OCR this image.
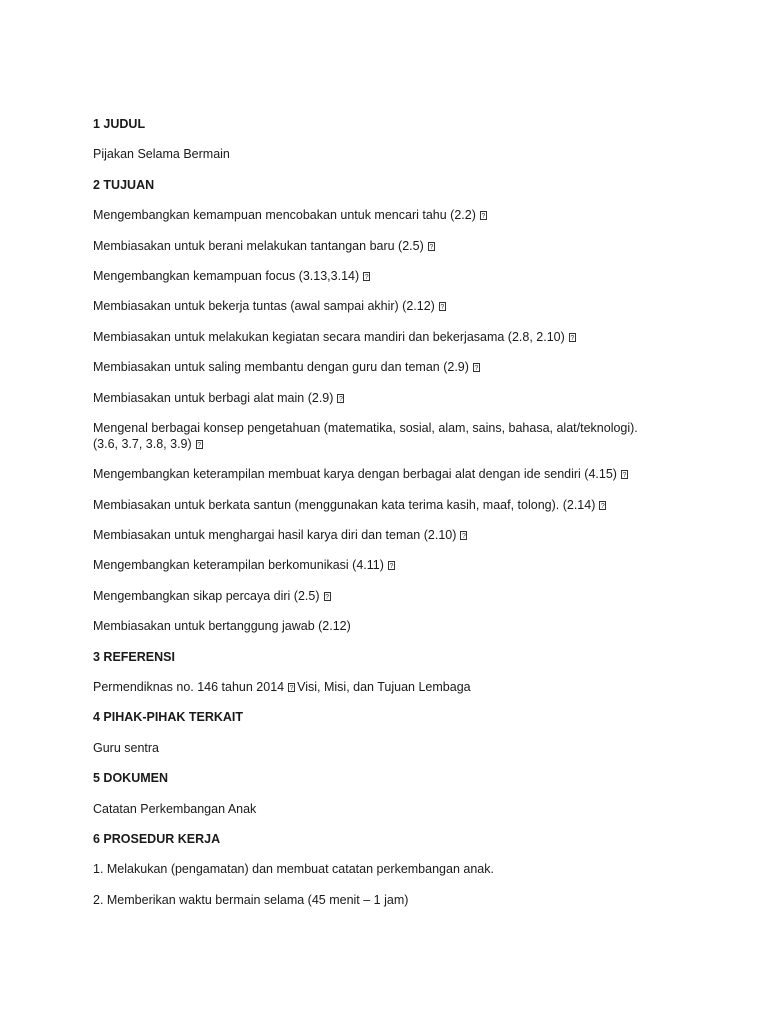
1 JUDUL
Pijakan Selama Bermain
2 TUJUAN
Mengembangkan kemampuan mencobakan untuk mencari tahu (2.2)?
Membiasakan untuk berani melakukan tantangan baru (2.5)?
Mengembangkan kemampuan focus (3.13,3.14)?
Membiasakan untuk bekerja tuntas (awal sampai akhir) (2.12)?
Membiasakan untuk melakukan kegiatan secara mandiri dan bekerjasama (2.8, 2.10)?
Membiasakan untuk saling membantu dengan guru dan teman (2.9)?
Membiasakan untuk berbagi alat main (2.9)?
Mengenal berbagai konsep pengetahuan (matematika, sosial, alam, sains, bahasa, alat/teknologi).
(3.6, 3.7, 3.8, 3.9)?
Mengembangkan keterampilan membuat karya dengan berbagai alat dengan ide sendiri (4.15)?
Membiasakan untuk berkata santun (menggunakan kata terima kasih, maaf, tolong). (2.14)?
Membiasakan untuk menghargai hasil karya diri dan teman (2.10)?
Mengembangkan keterampilan berkomunikasi (4.11)?
Mengembangkan sikap percaya diri (2.5)?
Membiasakan untuk bertanggung jawab (2.12)
3 REFERENSI
Permendiknas no. 146 tahun 2014? Visi, Misi, dan Tujuan Lembaga
4 PIHAK-PIHAK TERKAIT
Guru sentra
5 DOKUMEN
Catatan Perkembangan Anak
6 PROSEDUR KERJA
1. Melakukan (pengamatan) dan membuat catatan perkembangan anak.
2. Memberikan waktu bermain selama (45 menit – 1 jam)
